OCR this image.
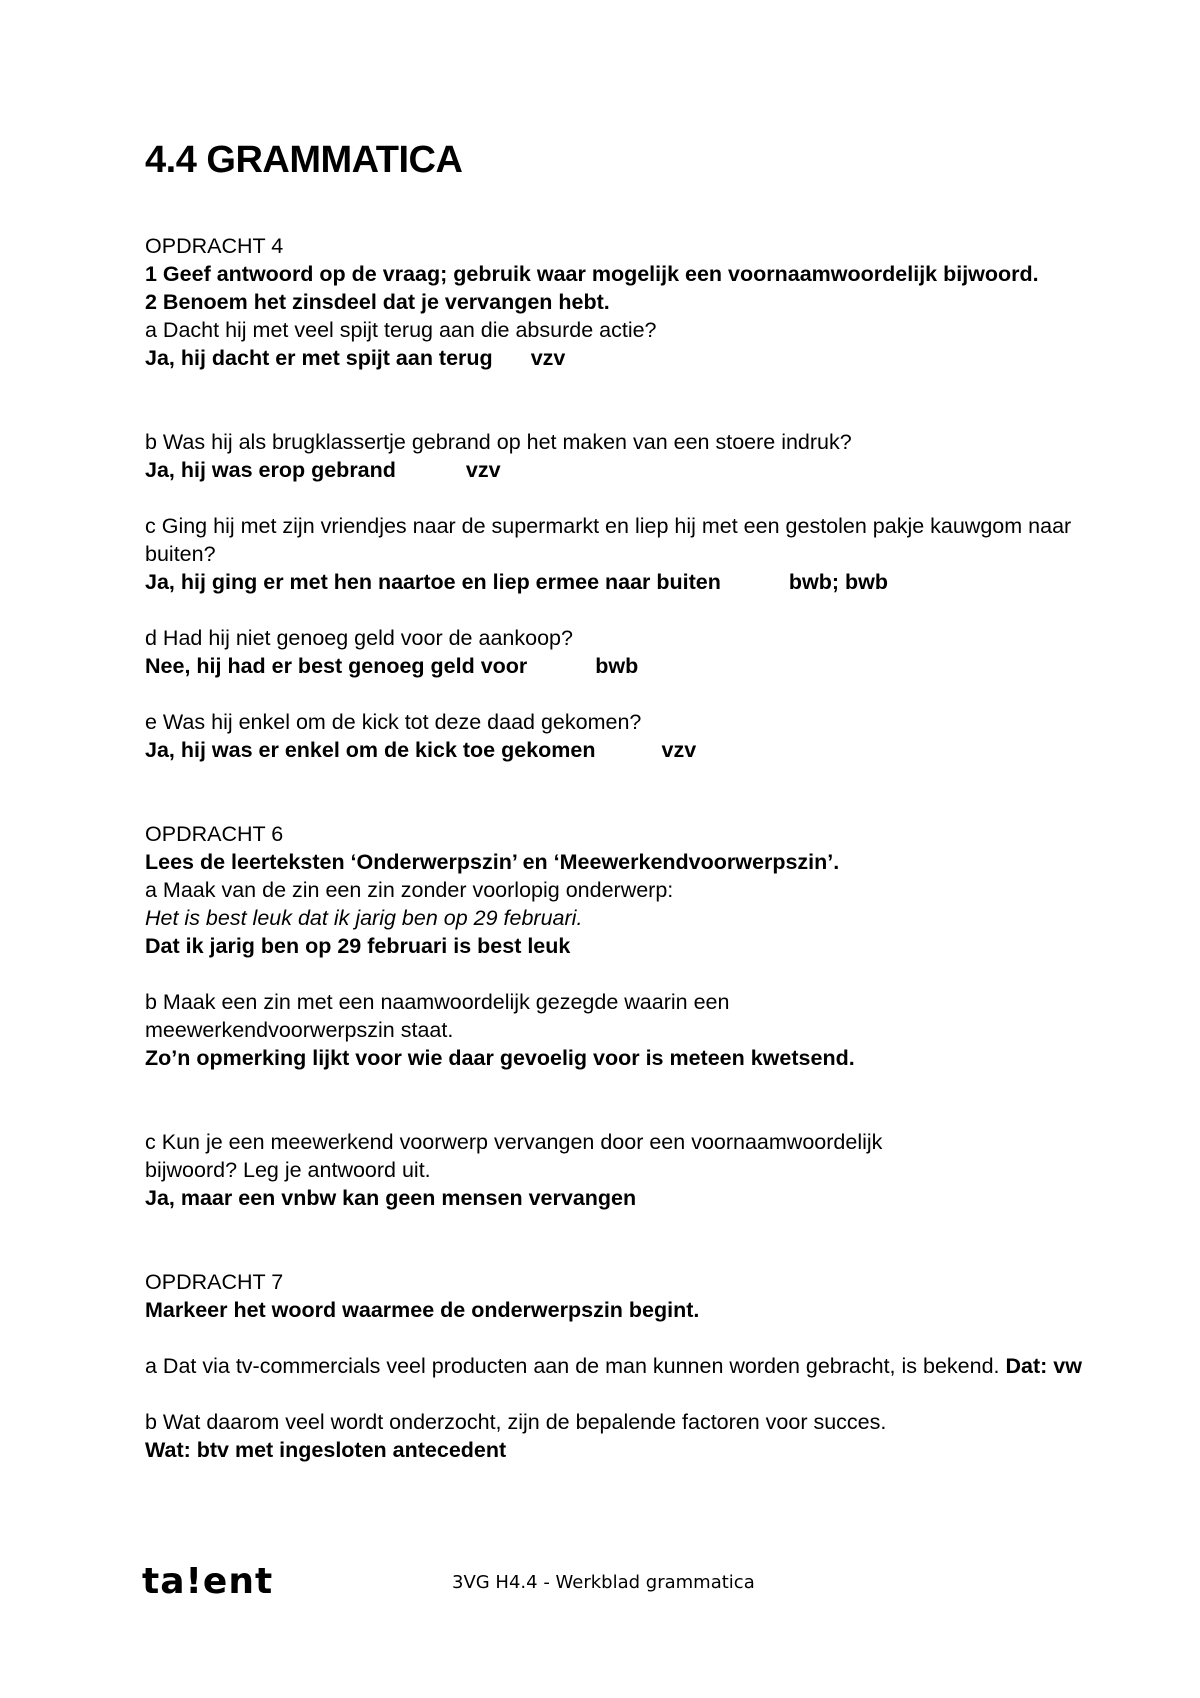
4.4 GRAMMATICA

OPDRACHT 4

1 Geef antwoord op de vraag; gebruik waar mogelijk een voornaamwoordelijk bijwoord.

2 Benoem het zinsdeel dat je vervangen hebt.

a Dacht hij met veel spijt terug aan die absurde actie?

Ja, hij dacht er met spijt aan terug vzv

b Was hij als brugklassertje gebrand op het maken van een stoere indruk?

Ja, hij was erop gebrand	vzv

c Ging hij met zijn vriendjes naar de supermarkt en liep hij met een gestolen pakje kauwgom naar buiten?

Ja, hij ging er met hen naartoe en liep ermee naar buiten	bwb; bwb

d Had hij niet genoeg geld voor de aankoop?

Nee, hij had er best genoeg geld voor	bwb

e Was hij enkel om de kick tot deze daad gekomen?

Ja, hij was er enkel om de kick toe gekomen	vzv

OPDRACHT 6

Lees de leerteksten ‘Onderwerpszin’ en ‘Meewerkendvoorwerpszin’.

a Maak van de zin een zin zonder voorlopig onderwerp:

Het is best leuk dat ik jarig ben op 29 februari.

Dat ik jarig ben op 29 februari is best leuk

b Maak een zin met een naamwoordelijk gezegde waarin een meewerkendvoorwerpszin staat.

Zo’n opmerking lijkt voor wie daar gevoelig voor is meteen kwetsend.

c Kun je een meewerkend voorwerp vervangen door een voornaamwoordelijk bijwoord? Leg je antwoord uit.

Ja, maar een vnbw kan geen mensen vervangen

OPDRACHT 7

Markeer het woord waarmee de onderwerpszin begint.

a Dat via tv-commercials veel producten aan de man kunnen worden gebracht, is bekend. Dat: vw

b Wat daarom veel wordt onderzocht, zijn de bepalende factoren voor succes.

Wat: btv met ingesloten antecedent

ta!ent	3VG H4.4 - Werkblad grammatica
